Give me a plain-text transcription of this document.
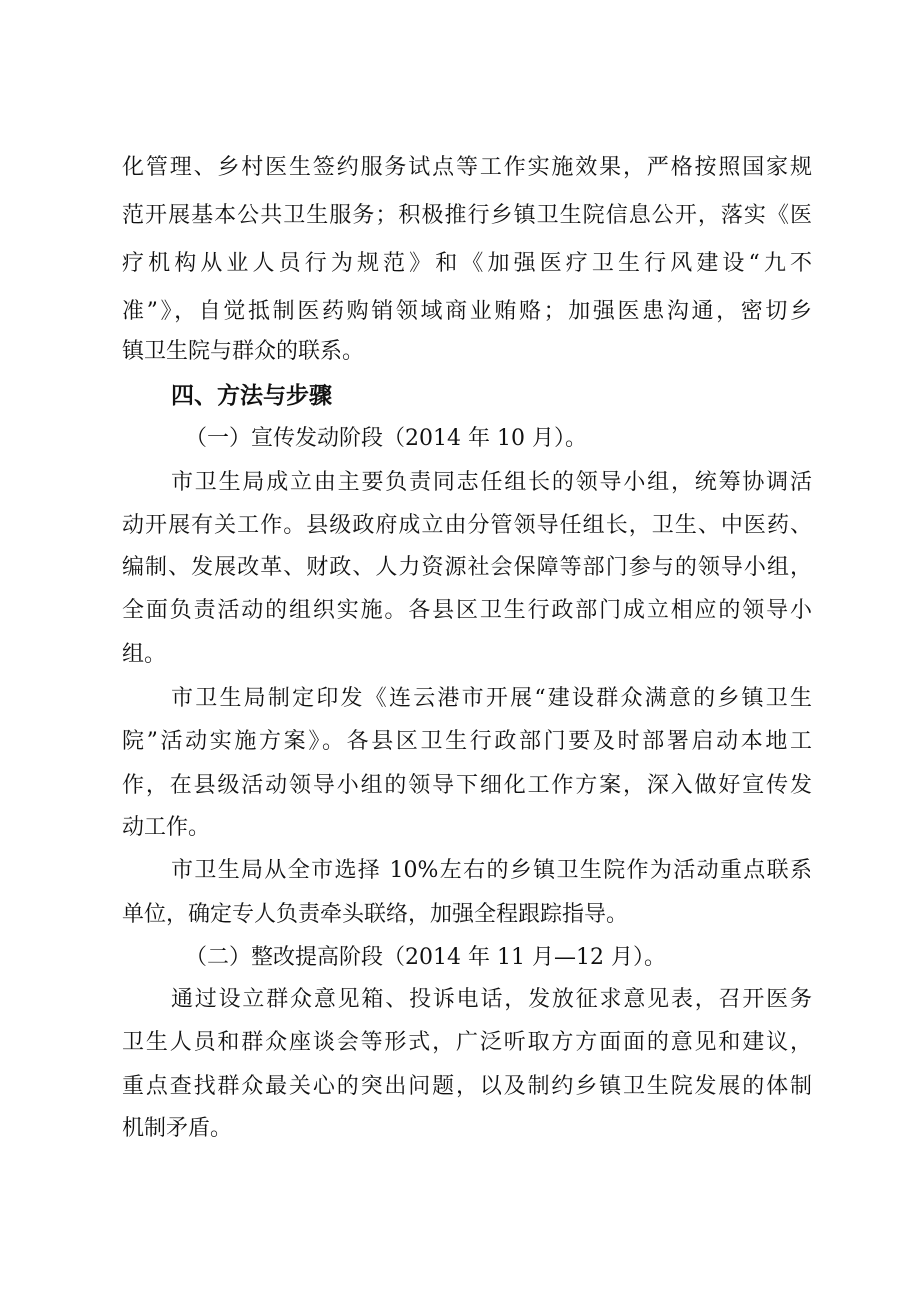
化管理、乡村医生签约服务试点等工作实施效果，严格按照国家规

范开展基本公共卫生服务；积极推行乡镇卫生院信息公开，落实《医

疗机构从业人员行为规范》和《加强医疗卫生行风建设“九不

准”》，自觉抵制医药购销领域商业贿赂；加强医患沟通，密切乡

镇卫生院与群众的联系。

四、方法与步骤

（一）宣传发动阶段（2014 年 10 月）。

市卫生局成立由主要负责同志任组长的领导小组，统筹协调活

动开展有关工作。县级政府成立由分管领导任组长，卫生、中医药、

编制、发展改革、财政、人力资源社会保障等部门参与的领导小组，

全面负责活动的组织实施。各县区卫生行政部门成立相应的领导小

组。

市卫生局制定印发《连云港市开展“建设群众满意的乡镇卫生

院”活动实施方案》。各县区卫生行政部门要及时部署启动本地工

作，在县级活动领导小组的领导下细化工作方案，深入做好宣传发

动工作。

市卫生局从全市选择 10%左右的乡镇卫生院作为活动重点联系

单位，确定专人负责牵头联络，加强全程跟踪指导。

（二）整改提高阶段（2014 年 11 月—12 月）。

通过设立群众意见箱、投诉电话，发放征求意见表，召开医务

卫生人员和群众座谈会等形式，广泛听取方方面面的意见和建议，

重点查找群众最关心的突出问题，以及制约乡镇卫生院发展的体制

机制矛盾。
